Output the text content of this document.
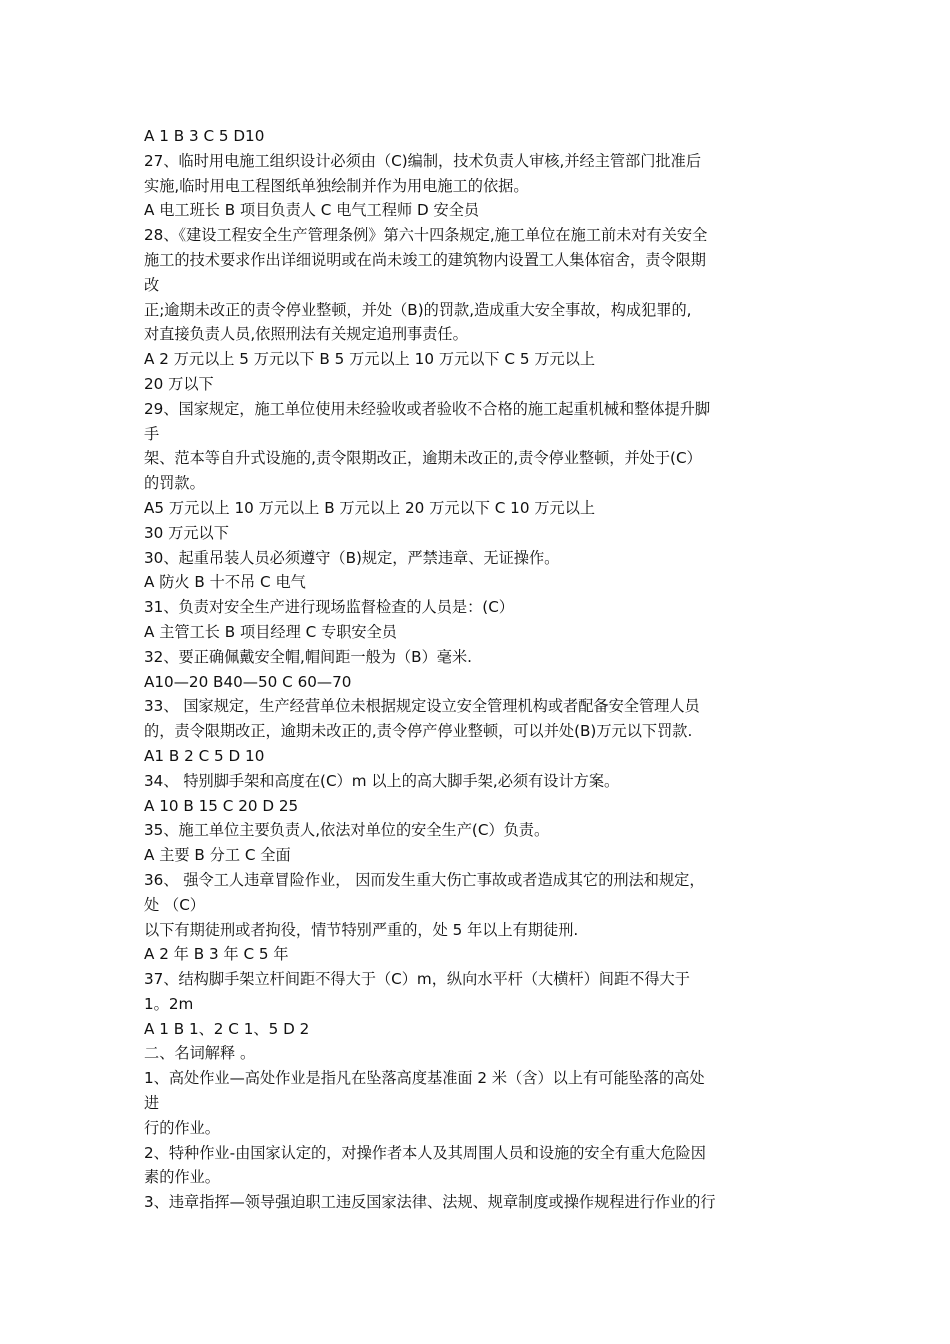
A 1 B 3 C 5 D10
27、临时用电施工组织设计必须由（C)编制，技术负责人审核,并经主管部门批准后
实施,临时用电工程图纸单独绘制并作为用电施工的依据。
A 电工班长 B 项目负责人 C 电气工程师 D 安全员
28、《建设工程安全生产管理条例》第六十四条规定,施工单位在施工前未对有关安全
施工的技术要求作出详细说明或在尚未竣工的建筑物内设置工人集体宿舍，责令限期
改
正;逾期未改正的责令停业整顿，并处（B)的罚款,造成重大安全事故，构成犯罪的,
对直接负责人员,依照刑法有关规定追刑事责任。
A 2 万元以上 5 万元以下 B 5 万元以上 10 万元以下 C 5 万元以上
20 万以下
29、国家规定，施工单位使用未经验收或者验收不合格的施工起重机械和整体提升脚
手
架、范本等自升式设施的,责令限期改正，逾期未改正的,责令停业整顿，并处于(C）
的罚款。
A5 万元以上 10 万元以上 B 万元以上 20 万元以下 C 10 万元以上
30 万元以下
30、起重吊装人员必须遵守（B)规定，严禁违章、无证操作。
A 防火 B 十不吊 C 电气
31、负责对安全生产进行现场监督检查的人员是：(C）
A 主管工长 B 项目经理 C 专职安全员
32、要正确佩戴安全帽,帽间距一般为（B）毫米.
A10—20 B40—50 C 60—70
33、 国家规定，生产经营单位未根据规定设立安全管理机构或者配备安全管理人员
的，责令限期改正，逾期未改正的,责令停产停业整顿，可以并处(B)万元以下罚款.
A1 B 2 C 5 D 10
34、 特别脚手架和高度在(C）m 以上的高大脚手架,必须有设计方案。
A 10 B 15 C 20 D 25
35、施工单位主要负责人,依法对单位的安全生产(C）负责。
A 主要 B 分工 C 全面
36、 强令工人违章冒险作业， 因而发生重大伤亡事故或者造成其它的刑法和规定，
处 （C）
以下有期徒刑或者拘役，情节特别严重的，处 5 年以上有期徒刑.
A 2 年 B 3 年 C 5 年
37、结构脚手架立杆间距不得大于（C）m，纵向水平杆（大横杆）间距不得大于
1。2m
A 1 B 1、2 C 1、5 D 2
二、名词解释 。
1、高处作业—高处作业是指凡在坠落高度基准面 2 米（含）以上有可能坠落的高处
进
行的作业。
2、特种作业-由国家认定的，对操作者本人及其周围人员和设施的安全有重大危险因
素的作业。
3、违章指挥—领导强迫职工违反国家法律、法规、规章制度或操作规程进行作业的行
